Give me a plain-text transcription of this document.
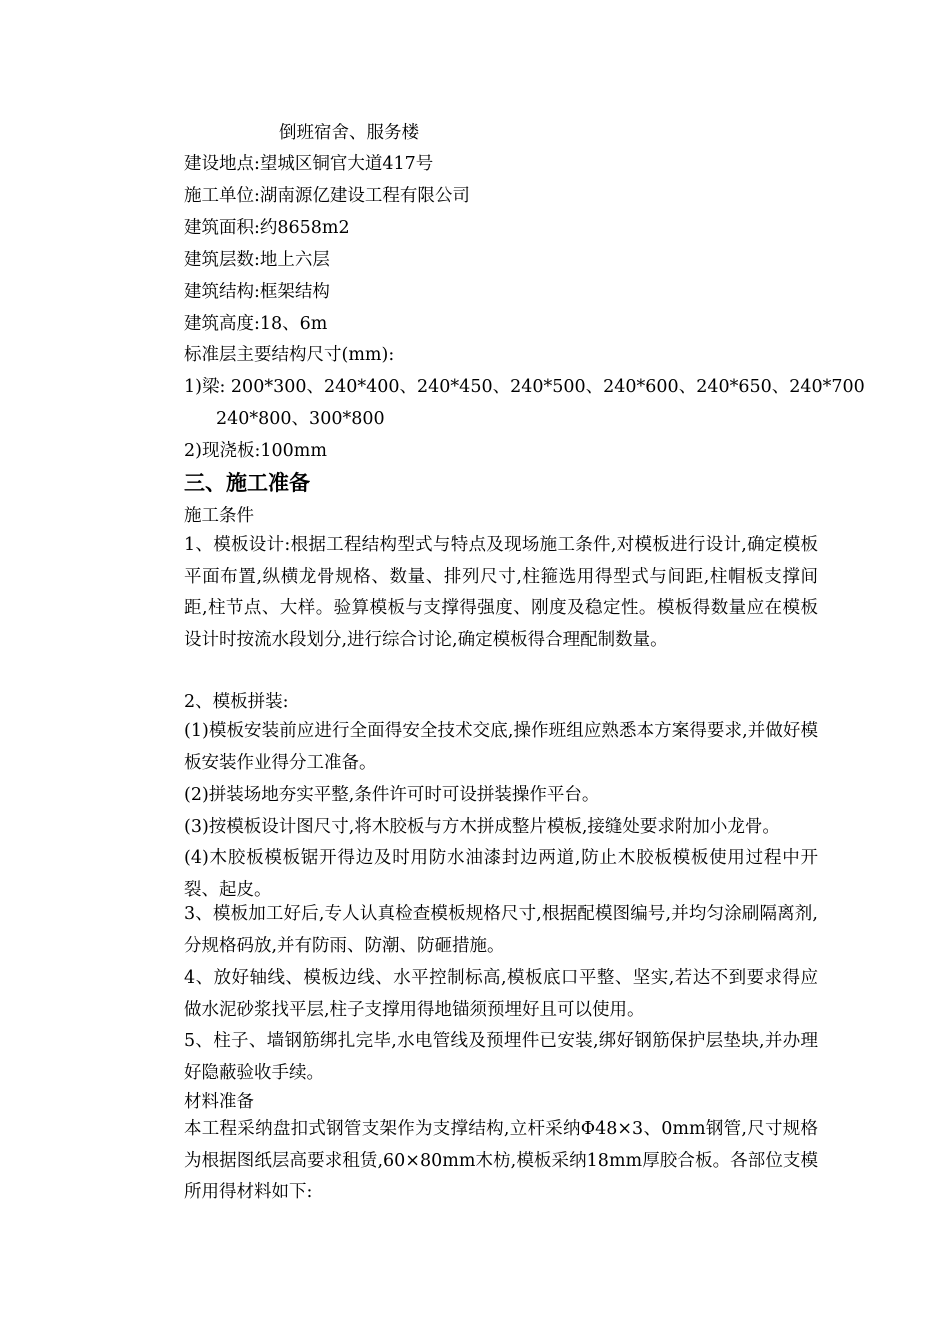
倒班宿舍、服务楼
建设地点:望城区铜官大道417号
施工单位:湖南源亿建设工程有限公司
建筑面积:约8658m2
建筑层数:地上六层
建筑结构:框架结构
建筑高度:18、6m
标准层主要结构尺寸(mm):
1)梁: 200*300、240*400、240*450、240*500、240*600、240*650、240*700
240*800、300*800
2)现浇板:100mm
三、施工准备
施工条件
1、模板设计:根据工程结构型式与特点及现场施工条件,对模板进行设计,确定模板平面布置,纵横龙骨规格、数量、排列尺寸,柱箍选用得型式与间距,柱帽板支撑间距,柱节点、大样。验算模板与支撑得强度、刚度及稳定性。模板得数量应在模板设计时按流水段划分,进行综合讨论,确定模板得合理配制数量。
2、模板拼装:
(1)模板安装前应进行全面得安全技术交底,操作班组应熟悉本方案得要求,并做好模板安装作业得分工准备。
(2)拼装场地夯实平整,条件许可时可设拼装操作平台。
(3)按模板设计图尺寸,将木胶板与方木拼成整片模板,接缝处要求附加小龙骨。
(4)木胶板模板锯开得边及时用防水油漆封边两道,防止木胶板模板使用过程中开裂、起皮。
3、模板加工好后,专人认真检查模板规格尺寸,根据配模图编号,并均匀涂刷隔离剂,分规格码放,并有防雨、防潮、防砸措施。
4、放好轴线、模板边线、水平控制标高,模板底口平整、坚实,若达不到要求得应做水泥砂浆找平层,柱子支撑用得地锚须预埋好且可以使用。
5、柱子、墙钢筋绑扎完毕,水电管线及预埋件已安装,绑好钢筋保护层垫块,并办理好隐蔽验收手续。
材料准备
本工程采纳盘扣式钢管支架作为支撑结构,立杆采纳Φ48×3、0mm钢管,尺寸规格为根据图纸层高要求租赁,60×80mm木枋,模板采纳18mm厚胶合板。各部位支模所用得材料如下:
